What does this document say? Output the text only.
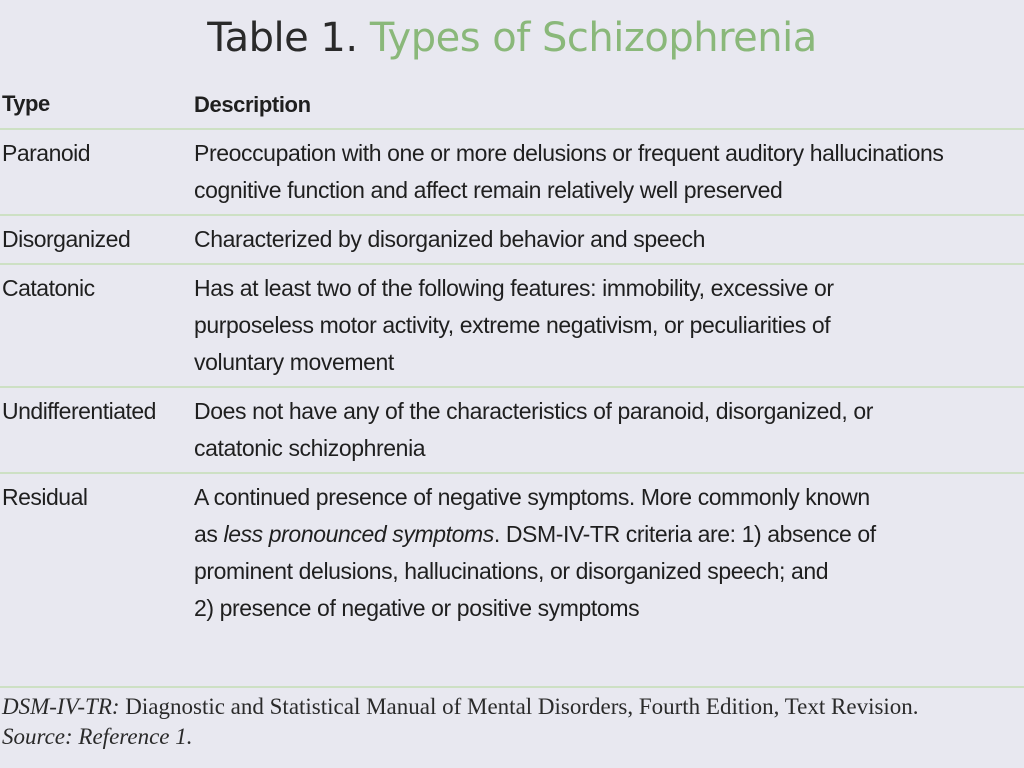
Table 1. Types of Schizophrenia
Type	Description
Paranoid	Preoccupation with one or more delusions or frequent auditory hallucinations
cognitive function and affect remain relatively well preserved
Disorganized	Characterized by disorganized behavior and speech
Catatonic	Has at least two of the following features: immobility, excessive or
purposeless motor activity, extreme negativism, or peculiarities of
voluntary movement
Undifferentiated	Does not have any of the characteristics of paranoid, disorganized, or
catatonic schizophrenia
Residual	A continued presence of negative symptoms. More commonly known
as less pronounced symptoms. DSM-IV-TR criteria are: 1) absence of
prominent delusions, hallucinations, or disorganized speech; and
2) presence of negative or positive symptoms
DSM-IV-TR: Diagnostic and Statistical Manual of Mental Disorders, Fourth Edition, Text Revision.
Source: Reference 1.
